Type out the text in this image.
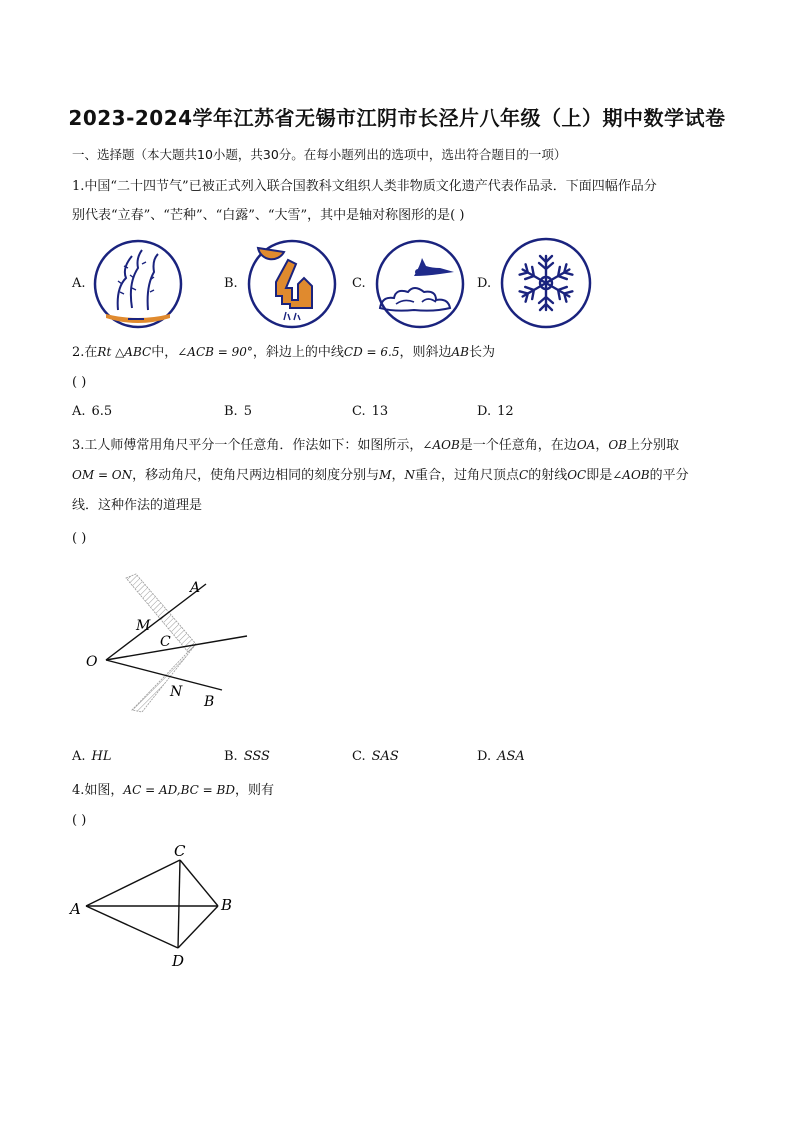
2023-2024学年江苏省无锡市江阴市长泾片八年级（上）期中数学试卷
一、选择题（本大题共10小题，共30分。在每小题列出的选项中，选出符合题目的一项）
1.中国“二十四节气”已被正式列入联合国教科文组织人类非物质文化遗产代表作品录．下面四幅作品分
别代表“立春”、“芒种”、“白露”、“大雪”，其中是轴对称图形的是( )
A.	B.	C.	D.
2.在Rt △ABC中，∠ACB = 90°，斜边上的中线CD = 6.5，则斜边AB长为
( )
A. 6.5	B. 5	C. 13	D. 12
3.工人师傅常用角尺平分一个任意角．作法如下：如图所示，∠AOB是一个任意角，在边OA，OB上分别取
OM = ON，移动角尺，使角尺两边相同的刻度分别与M，N重合，过角尺顶点C的射线OC即是∠AOB的平分
线．这种作法的道理是
( )
A
M
C
O
N
B
A. HL	B. SSS	C. SAS	D. ASA
4.如图，AC = AD,BC = BD，则有
( )
C
A	B
D
